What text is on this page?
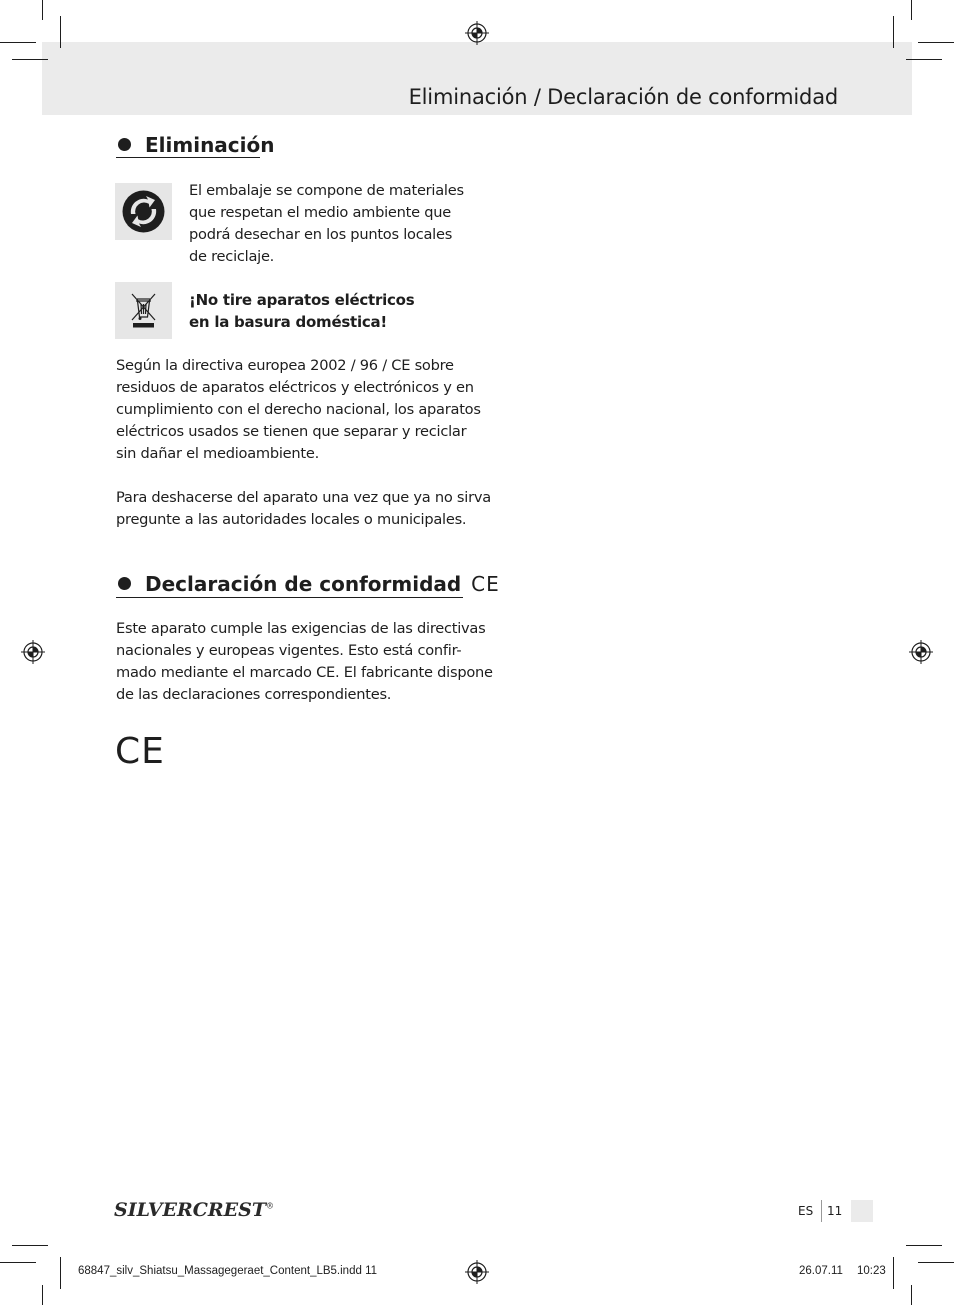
Eliminación / Declaración de conformidad
Eliminación
El embalaje se compone de materiales
que respetan el medio ambiente que
podrá desechar en los puntos locales
de reciclaje.
¡No tire aparatos eléctricos
en la basura doméstica!
Según la directiva europea 2002 / 96 / CE sobre
residuos de aparatos eléctricos y electrónicos y en
cumplimiento con el derecho nacional, los aparatos
eléctricos usados se tienen que separar y reciclar
sin dañar el medioambiente.
Para deshacerse del aparato una vez que ya no sirva
pregunte a las autoridades locales o municipales.
Declaración de conformidad CE
Este aparato cumple las exigencias de las directivas
nacionales y europeas vigentes. Esto está confir-
mado mediante el marcado CE. El fabricante dispone
de las declaraciones correspondientes.
CE
SILVERCREST®	ES 11
68847_silv_Shiatsu_Massagegeraet_Content_LB5.indd 11	26.07.11 10:23
